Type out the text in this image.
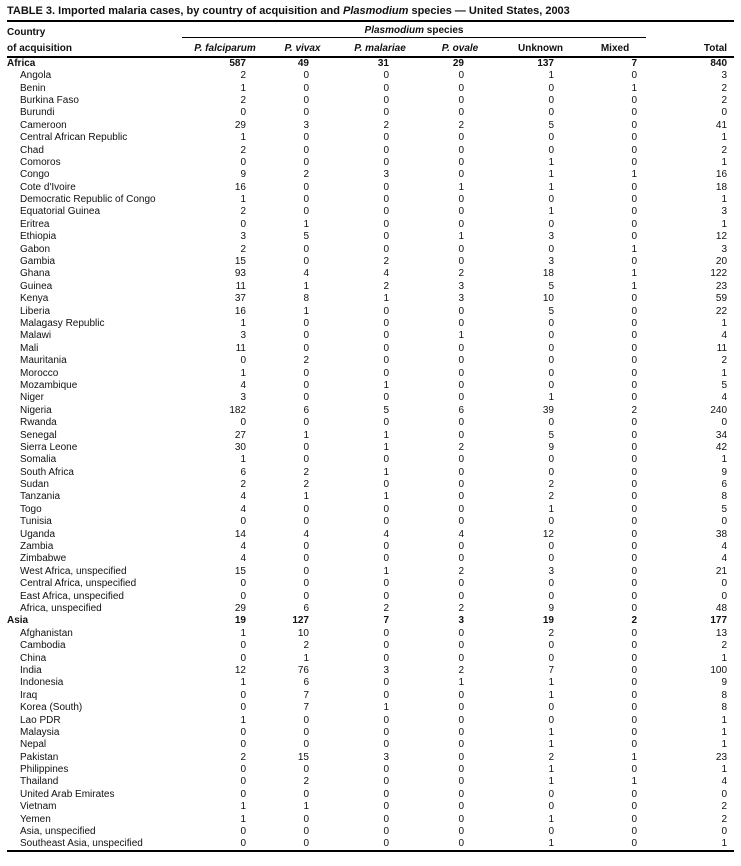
TABLE 3. Imported malaria cases, by country of acquisition and Plasmodium species — United States, 2003
Country	Plasmodium species						
of acquisition	P. falciparum	P. vivax	P. malariae	P. ovale	Unknown	Mixed	Total
Africa	587	49	31	29	137	7	840
Angola	2	0	0	0	1	0	3
Benin	1	0	0	0	0	1	2
Burkina Faso	2	0	0	0	0	0	2
Burundi	0	0	0	0	0	0	0
Cameroon	29	3	2	2	5	0	41
Central African Republic	1	0	0	0	0	0	1
Chad	2	0	0	0	0	0	2
Comoros	0	0	0	0	1	0	1
Congo	9	2	3	0	1	1	16
Cote d'Ivoire	16	0	0	1	1	0	18
Democratic Republic of Congo	1	0	0	0	0	0	1
Equatorial Guinea	2	0	0	0	1	0	3
Eritrea	0	1	0	0	0	0	1
Ethiopia	3	5	0	1	3	0	12
Gabon	2	0	0	0	0	1	3
Gambia	15	0	2	0	3	0	20
Ghana	93	4	4	2	18	1	122
Guinea	11	1	2	3	5	1	23
Kenya	37	8	1	3	10	0	59
Liberia	16	1	0	0	5	0	22
Malagasy Republic	1	0	0	0	0	0	1
Malawi	3	0	0	1	0	0	4
Mali	11	0	0	0	0	0	11
Mauritania	0	2	0	0	0	0	2
Morocco	1	0	0	0	0	0	1
Mozambique	4	0	1	0	0	0	5
Niger	3	0	0	0	1	0	4
Nigeria	182	6	5	6	39	2	240
Rwanda	0	0	0	0	0	0	0
Senegal	27	1	1	0	5	0	34
Sierra Leone	30	0	1	2	9	0	42
Somalia	1	0	0	0	0	0	1
South Africa	6	2	1	0	0	0	9
Sudan	2	2	0	0	2	0	6
Tanzania	4	1	1	0	2	0	8
Togo	4	0	0	0	1	0	5
Tunisia	0	0	0	0	0	0	0
Uganda	14	4	4	4	12	0	38
Zambia	4	0	0	0	0	0	4
Zimbabwe	4	0	0	0	0	0	4
West Africa, unspecified	15	0	1	2	3	0	21
Central Africa, unspecified	0	0	0	0	0	0	0
East Africa, unspecified	0	0	0	0	0	0	0
Africa, unspecified	29	6	2	2	9	0	48
Asia	19	127	7	3	19	2	177
Afghanistan	1	10	0	0	2	0	13
Cambodia	0	2	0	0	0	0	2
China	0	1	0	0	0	0	1
India	12	76	3	2	7	0	100
Indonesia	1	6	0	1	1	0	9
Iraq	0	7	0	0	1	0	8
Korea (South)	0	7	1	0	0	0	8
Lao PDR	1	0	0	0	0	0	1
Malaysia	0	0	0	0	1	0	1
Nepal	0	0	0	0	1	0	1
Pakistan	2	15	3	0	2	1	23
Philippines	0	0	0	0	1	0	1
Thailand	0	2	0	0	1	1	4
United Arab Emirates	0	0	0	0	0	0	0
Vietnam	1	1	0	0	0	0	2
Yemen	1	0	0	0	1	0	2
Asia, unspecified	0	0	0	0	0	0	0
Southeast Asia, unspecified	0	0	0	0	1	0	1
